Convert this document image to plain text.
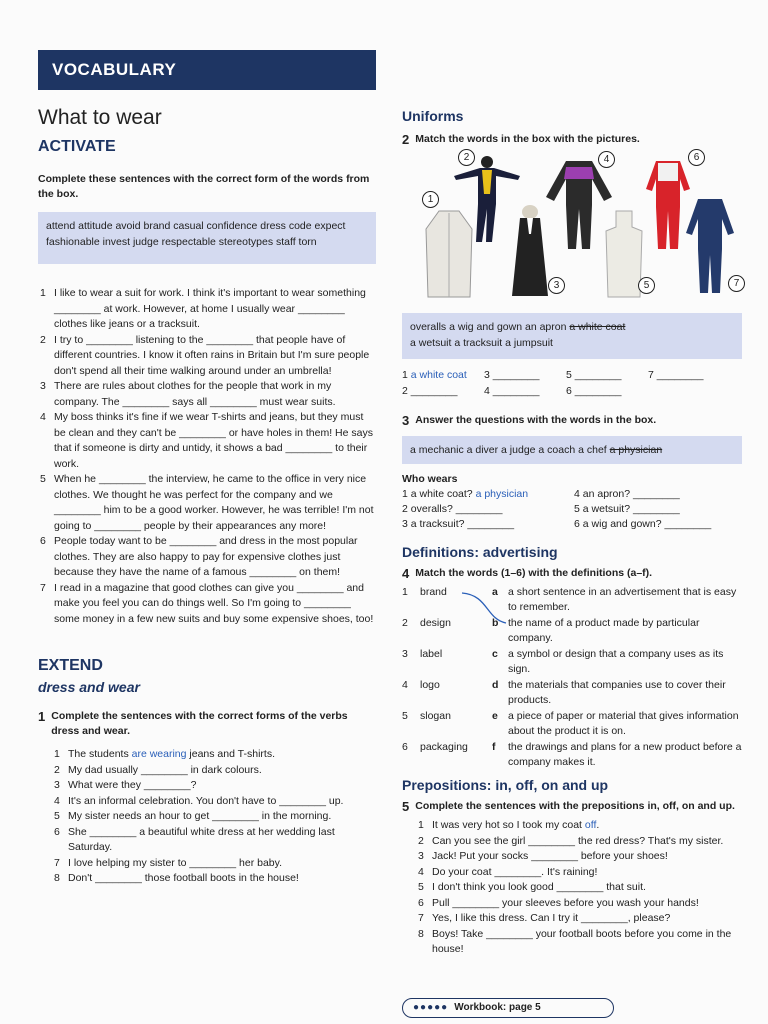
VOCABULARY
What to wear
ACTIVATE
Complete these sentences with the correct form of the words from the box.
attend attitude avoid brand casual confidence dress code expect fashionable invest judge respectable stereotypes staff torn
1 I like to wear a suit for work. I think it's important to wear something ________ at work. However, at home I usually wear ________ clothes like jeans or a tracksuit.
2 I try to ________ listening to the ________ that people have of different countries. I know it often rains in Britain but I'm sure people don't spend all their time walking around under an umbrella!
3 There are rules about clothes for the people that work in my company. The ________ says all ________ must wear suits.
4 My boss thinks it's fine if we wear T-shirts and jeans, but they must be clean and they can't be ________ or have holes in them! He says that if someone is dirty and untidy, it shows a bad ________ to their work.
5 When he ________ the interview, he came to the office in very nice clothes. We thought he was perfect for the company and we ________ him to be a good worker. However, he was terrible! I'm not going to ________ people by their appearances any more!
6 People today want to be ________ and dress in the most popular clothes. They are also happy to pay for expensive clothes just because they have the name of a famous ________ on them!
7 I read in a magazine that good clothes can give you ________ and make you feel you can do things well. So I'm going to ________ some money in a few new suits and buy some expensive shoes, too!
EXTEND
dress and wear
1 Complete the sentences with the correct forms of the verbs dress and wear.
1 The students are wearing jeans and T-shirts.
2 My dad usually ________ in dark colours.
3 What were they ________?
4 It's an informal celebration. You don't have to ________ up.
5 My sister needs an hour to get ________ in the morning.
6 She ________ a beautiful white dress at her wedding last Saturday.
7 I love helping my sister to ________ her baby.
8 Don't ________ those football boots in the house!
Uniforms
2 Match the words in the box with the pictures.
1
2
3
4
5
6
7
overalls a wig and gown an apron a white coat
a wetsuit a tracksuit a jumpsuit
1 a white coat	3 ________	5 ________	7 ________
2 ________	4 ________	6 ________
3 Answer the questions with the words in the box.
a mechanic a diver a judge a coach a chef a physician
Who wears
1 a white coat? a physician
2 overalls? ________
3 a tracksuit? ________
4 an apron? ________
5 a wetsuit? ________
6 a wig and gown? ________
Definitions: advertising
4 Match the words (1–6) with the definitions (a–f).
1	brand	a a short sentence in an advertisement that is easy to remember.
2	design	b the name of a product made by particular company.
3	label	c a symbol or design that a company uses as its sign.
4	logo	d the materials that companies use to cover their products.
5	slogan	e a piece of paper or material that gives information about the product it is on.
6	packaging	f	the drawings and plans for a new product before a company makes it.
Prepositions: in, off, on and up
5 Complete the sentences with the prepositions in, off, on and up.
1 It was very hot so I took my coat off.
2 Can you see the girl ________ the red dress? That's my sister.
3 Jack! Put your socks ________ before your shoes!
4 Do your coat ________. It's raining!
5 I don't think you look good ________ that suit.
6 Pull ________ your sleeves before you wash your hands!
7 Yes, I like this dress. Can I try it ________, please?
8 Boys! Take ________ your football boots before you come in the house!
●●●●● Workbook: page 5
